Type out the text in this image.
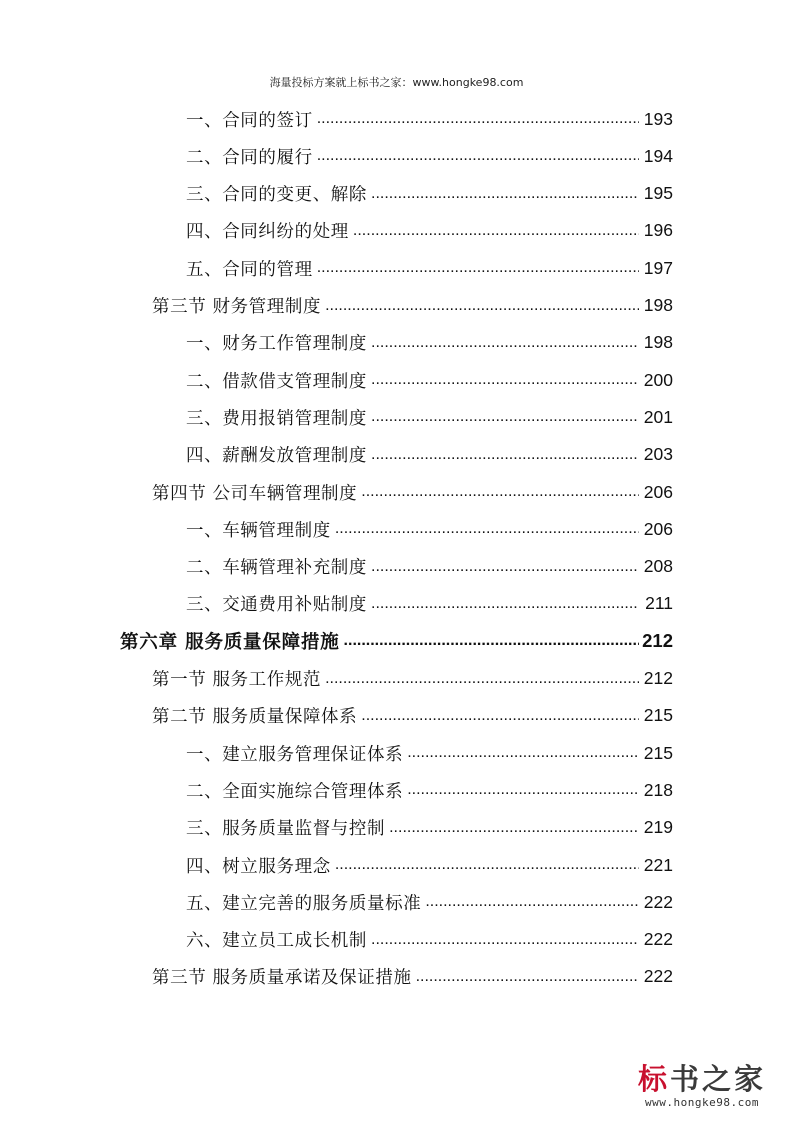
海量投标方案就上标书之家：www.hongke98.com
一、合同的签订 .....	193
二、合同的履行 .....	194
三、合同的变更、解除 .....	195
四、合同纠纷的处理 .....	196
五、合同的管理 .....	197
第三节 财务管理制度 .....	198
一、财务工作管理制度 .....	198
二、借款借支管理制度 .....	200
三、费用报销管理制度 .....	201
四、薪酬发放管理制度 .....	203
第四节 公司车辆管理制度 .....	206
一、车辆管理制度 .....	206
二、车辆管理补充制度 .....	208
三、交通费用补贴制度 .....	211
第六章 服务质量保障措施 .....	212
第一节 服务工作规范 .....	212
第二节 服务质量保障体系 .....	215
一、建立服务管理保证体系 .....	215
二、全面实施综合管理体系 .....	218
三、服务质量监督与控制 .....	219
四、树立服务理念 .....	221
五、建立完善的服务质量标准 .....	222
六、建立员工成长机制 .....	222
第三节 服务质量承诺及保证措施 .....	222
标书之家
www.hongke98.com
